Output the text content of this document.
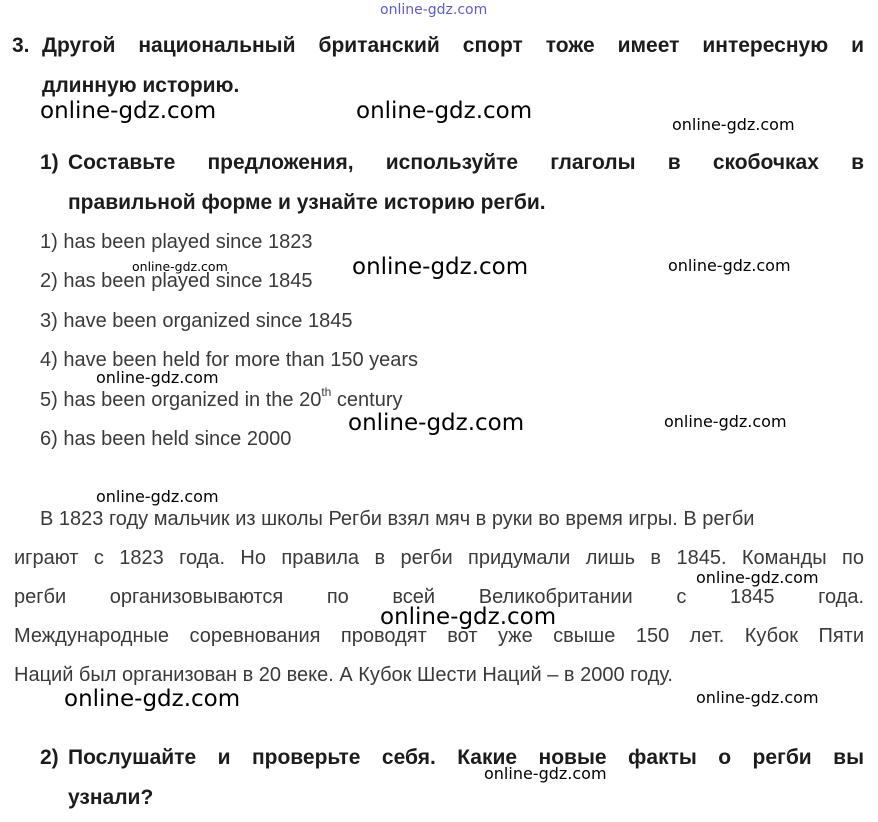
online-gdz.com
3. Другой национальный британский спорт тоже имеет интересную и
длинную историю.
1) Составьте предложения, используйте глаголы в скобочках в
правильной форме и узнайте историю регби.
1) has been played since 1823
2) has been played since 1845
3) have been organized since 1845
4) have been held for more than 150 years
5) has been organized in the 20th century
6) has been held since 2000
В 1823 году мальчик из школы Регби взял мяч в руки во время игры. В регби
играют с 1823 года. Но правила в регби придумали лишь в 1845. Команды по
регби организовываются по всей Великобритании с 1845 года.
Международные соревнования проводят вот уже свыше 150 лет. Кубок Пяти
Наций был организован в 20 веке. А Кубок Шести Наций – в 2000 году.
2) Послушайте и проверьте себя. Какие новые факты о регби вы
узнали?
online-gdz.com	online-gdz.com
online-gdz.com
online-gdz.com	online-gdz.com	online-gdz.com
online-gdz.com
online-gdz.com	online-gdz.com
online-gdz.com
online-gdz.com
online-gdz.com
online-gdz.com	online-gdz.com
online-gdz.com
